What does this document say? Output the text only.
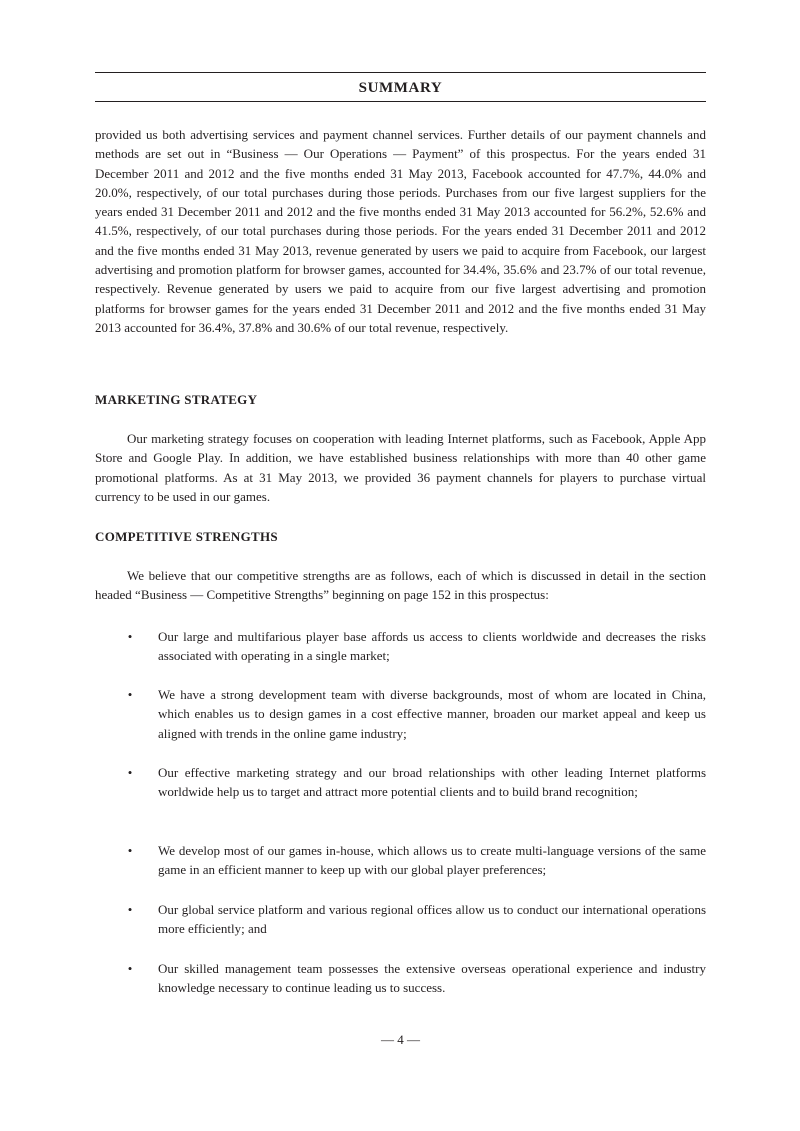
SUMMARY

provided us both advertising services and payment channel services. Further details of our payment channels and methods are set out in “Business — Our Operations — Payment” of this prospectus. For the years ended 31 December 2011 and 2012 and the five months ended 31 May 2013, Facebook accounted for 47.7%, 44.0% and 20.0%, respectively, of our total purchases during those periods. Purchases from our five largest suppliers for the years ended 31 December 2011 and 2012 and the five months ended 31 May 2013 accounted for 56.2%, 52.6% and 41.5%, respectively, of our total purchases during those periods. For the years ended 31 December 2011 and 2012 and the five months ended 31 May 2013, revenue generated by users we paid to acquire from Facebook, our largest advertising and promotion platform for browser games, accounted for 34.4%, 35.6% and 23.7% of our total revenue, respectively. Revenue generated by users we paid to acquire from our five largest advertising and promotion platforms for browser games for the years ended 31 December 2011 and 2012 and the five months ended 31 May 2013 accounted for 36.4%, 37.8% and 30.6% of our total revenue, respectively.

MARKETING STRATEGY

Our marketing strategy focuses on cooperation with leading Internet platforms, such as Facebook, Apple App Store and Google Play. In addition, we have established business relationships with more than 40 other game promotional platforms. As at 31 May 2013, we provided 36 payment channels for players to purchase virtual currency to be used in our games.

COMPETITIVE STRENGTHS

We believe that our competitive strengths are as follows, each of which is discussed in detail in the section headed “Business — Competitive Strengths” beginning on page 152 in this prospectus:

• Our large and multifarious player base affords us access to clients worldwide and decreases the risks associated with operating in a single market;

• We have a strong development team with diverse backgrounds, most of whom are located in China, which enables us to design games in a cost effective manner, broaden our market appeal and keep us aligned with trends in the online game industry;

• Our effective marketing strategy and our broad relationships with other leading Internet platforms worldwide help us to target and attract more potential clients and to build brand recognition;

• We develop most of our games in-house, which allows us to create multi-language versions of the same game in an efficient manner to keep up with our global player preferences;

• Our global service platform and various regional offices allow us to conduct our international operations more efficiently; and

• Our skilled management team possesses the extensive overseas operational experience and industry knowledge necessary to continue leading us to success.

— 4 —
